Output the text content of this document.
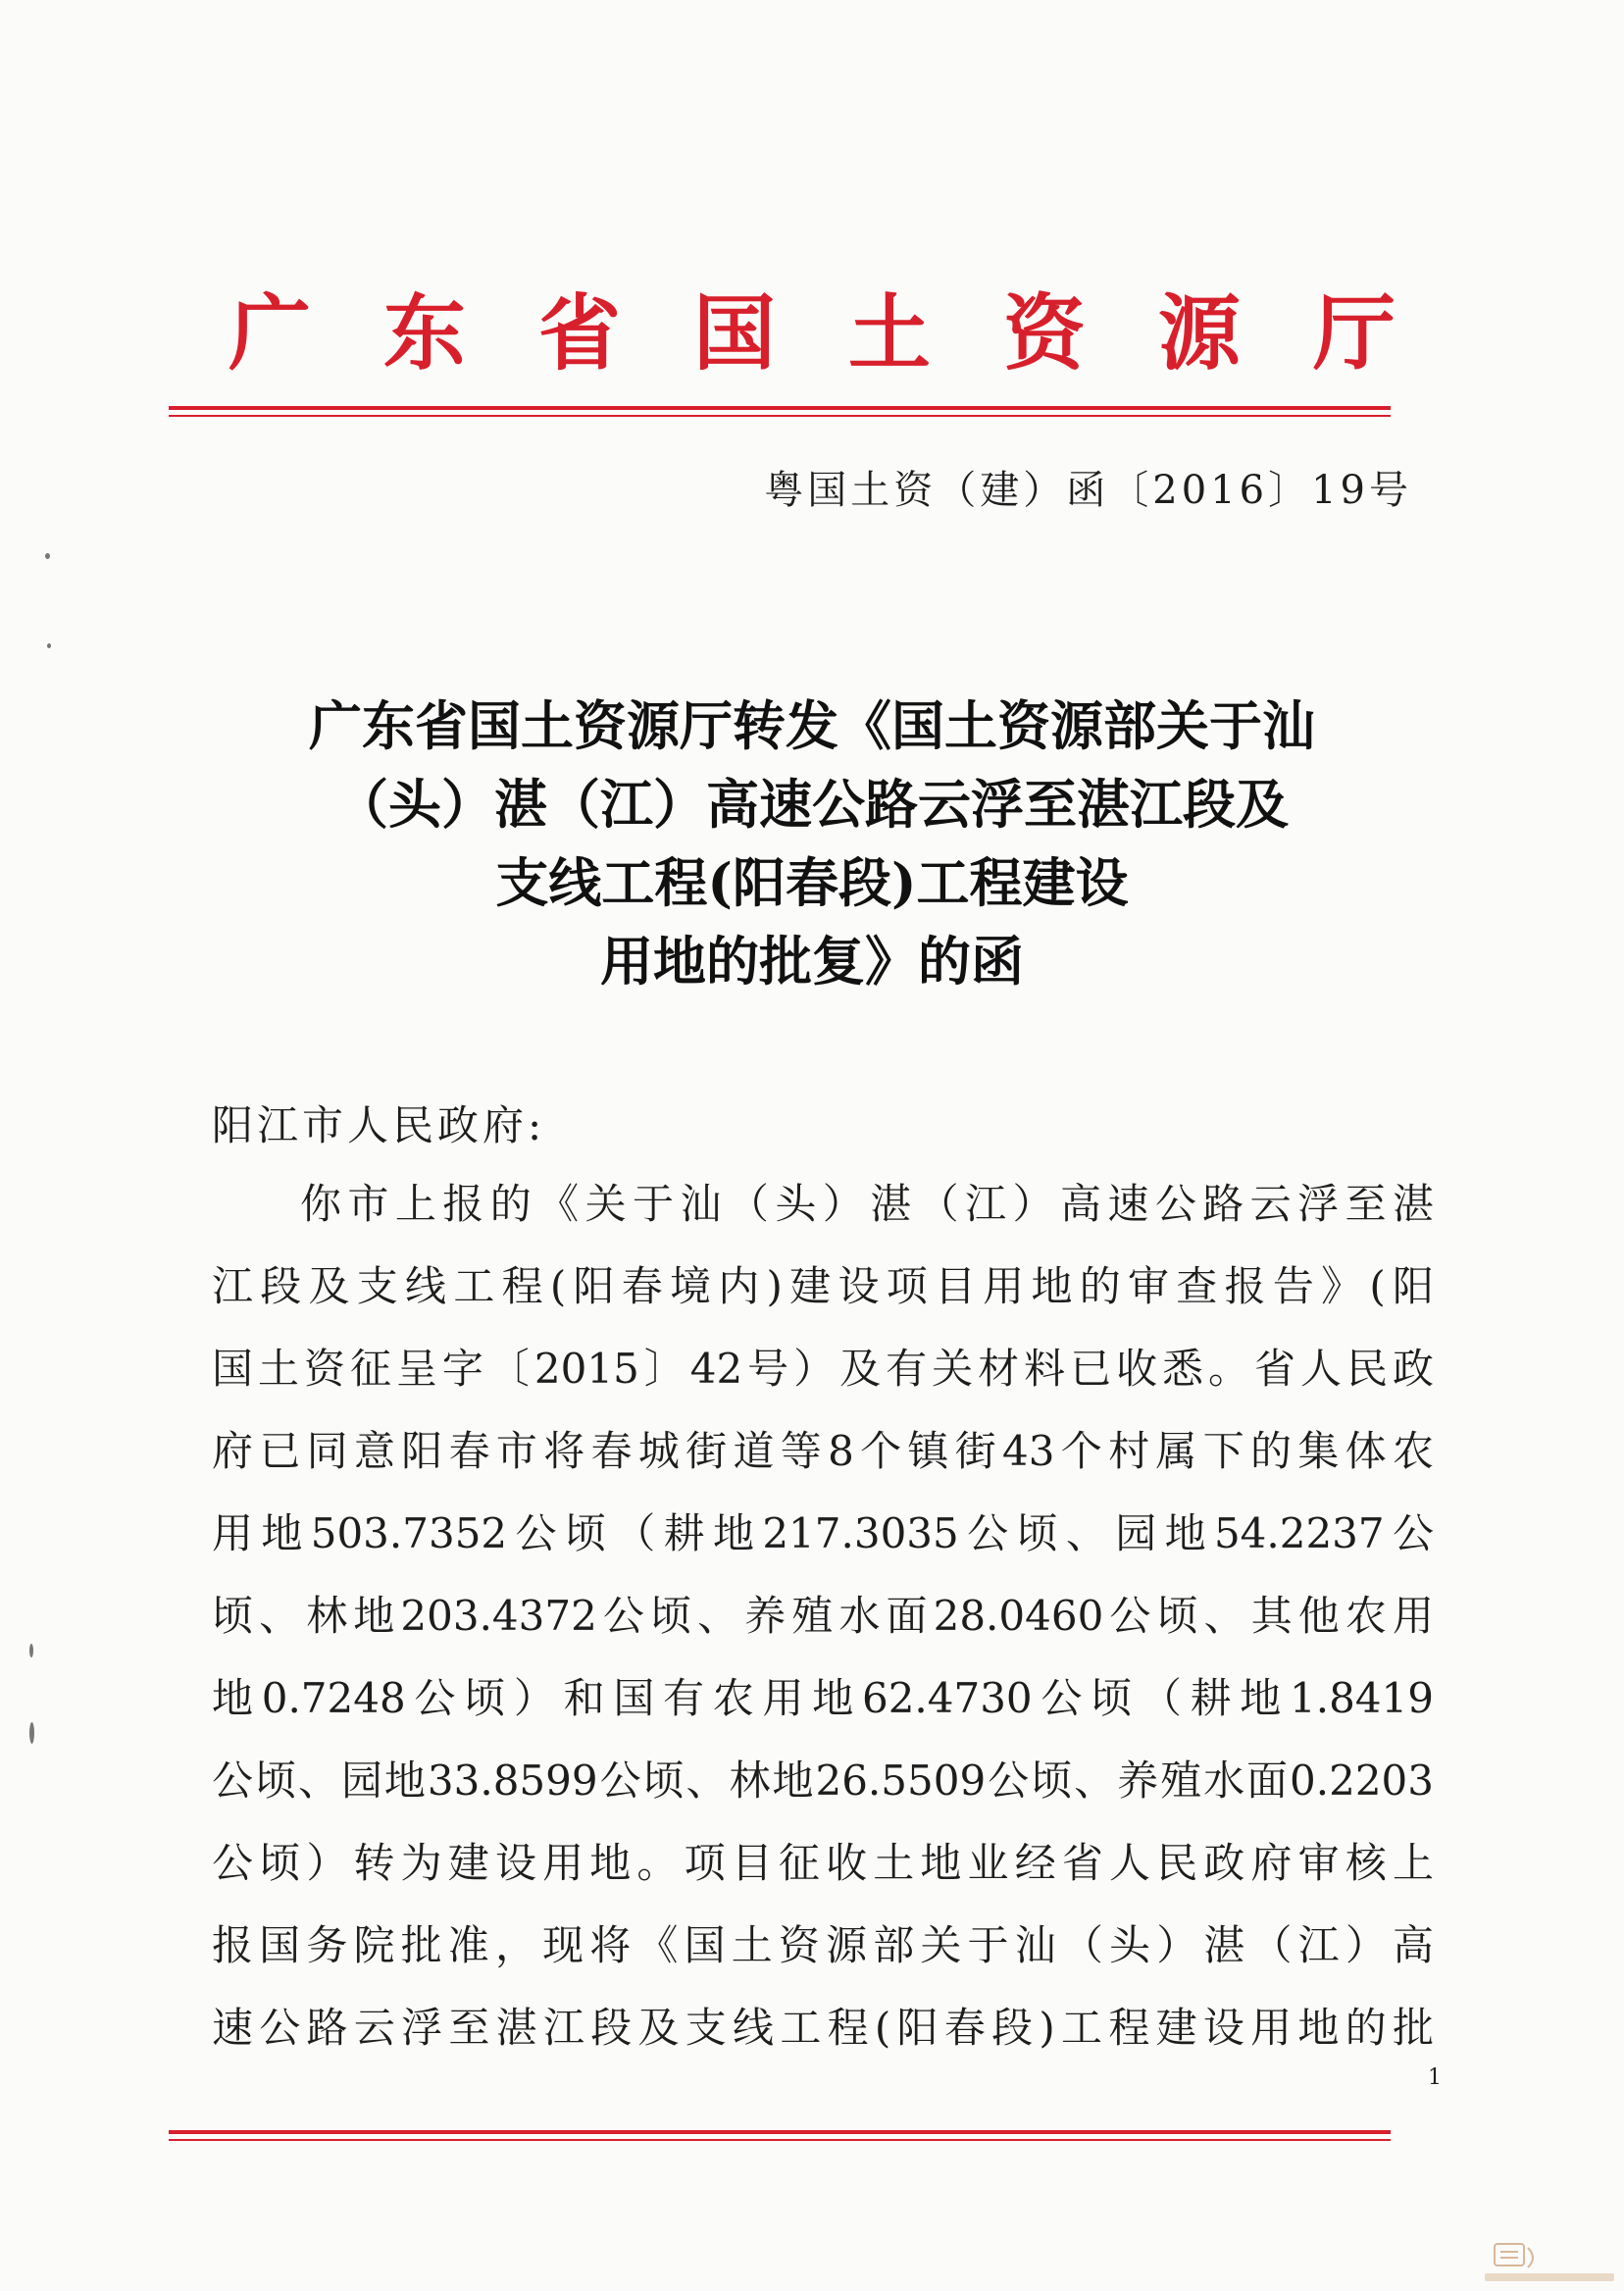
广东省国土资源厅
粤国土资（建）函〔2016〕19号
广东省国土资源厅转发《国土资源部关于汕
（头）湛（江）高速公路云浮至湛江段及
支线工程(阳春段)工程建设
用地的批复》的函
阳江市人民政府:
你市上报的《关于汕（头）湛（江）高速公路云浮至湛
江段及支线工程(阳春境内)建设项目用地的审查报告》(阳
国土资征呈字〔2015〕42号）及有关材料已收悉。省人民政
府已同意阳春市将春城街道等8个镇街43个村属下的集体农
用地503.7352公顷（耕地217.3035公顷、园地54.2237公
顷、林地203.4372公顷、养殖水面28.0460公顷、其他农用
地0.7248公顷）和国有农用地62.4730公顷（耕地1.8419
公顷、园地33.8599公顷、林地26.5509公顷、养殖水面0.2203
公顷）转为建设用地。项目征收土地业经省人民政府审核上
报国务院批准，现将《国土资源部关于汕（头）湛（江）高
速公路云浮至湛江段及支线工程(阳春段)工程建设用地的批
1
